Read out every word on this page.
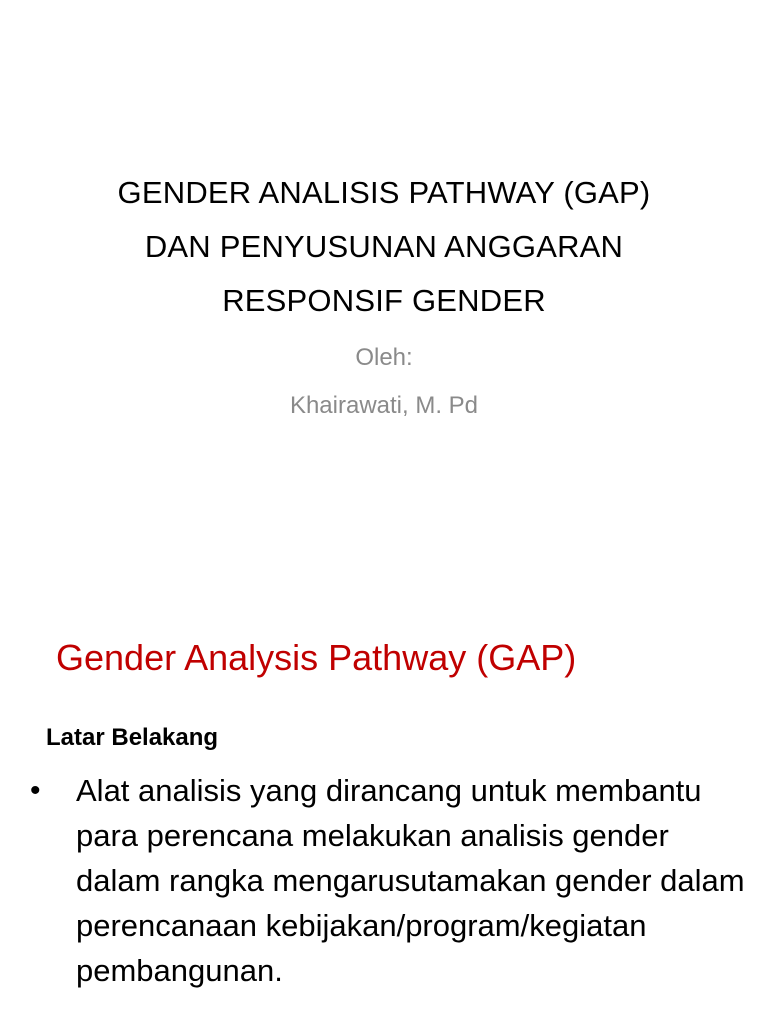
GENDER ANALISIS PATHWAY (GAP)
DAN PENYUSUNAN ANGGARAN
RESPONSIF GENDER
Oleh:
Khairawati, M. Pd
Gender Analysis Pathway (GAP)
Latar Belakang
• Alat analisis yang dirancang untuk membantu para perencana melakukan analisis gender dalam rangka mengarusutamakan gender dalam perencanaan kebijakan/program/kegiatan pembangunan.
